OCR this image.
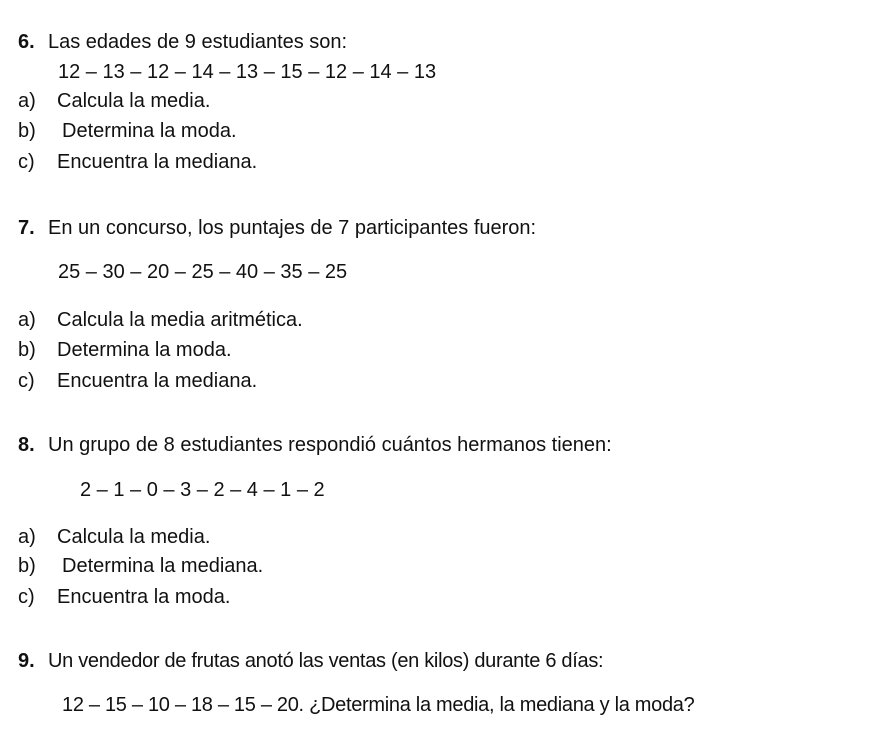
6. Las edades de 9 estudiantes son:
12 – 13 – 12 – 14 – 13 – 15 – 12 – 14 – 13
a) Calcula la media.
b) Determina la moda.
c) Encuentra la mediana.
7. En un concurso, los puntajes de 7 participantes fueron:
25 – 30 – 20 – 25 – 40 – 35 – 25
a) Calcula la media aritmética.
b) Determina la moda.
c) Encuentra la mediana.
8. Un grupo de 8 estudiantes respondió cuántos hermanos tienen:
2 – 1 – 0 – 3 – 2 – 4 – 1 – 2
a) Calcula la media.
b) Determina la mediana.
c) Encuentra la moda.
9. Un vendedor de frutas anotó las ventas (en kilos) durante 6 días:
12 – 15 – 10 – 18 – 15 – 20. ¿Determina la media, la mediana y la moda?
